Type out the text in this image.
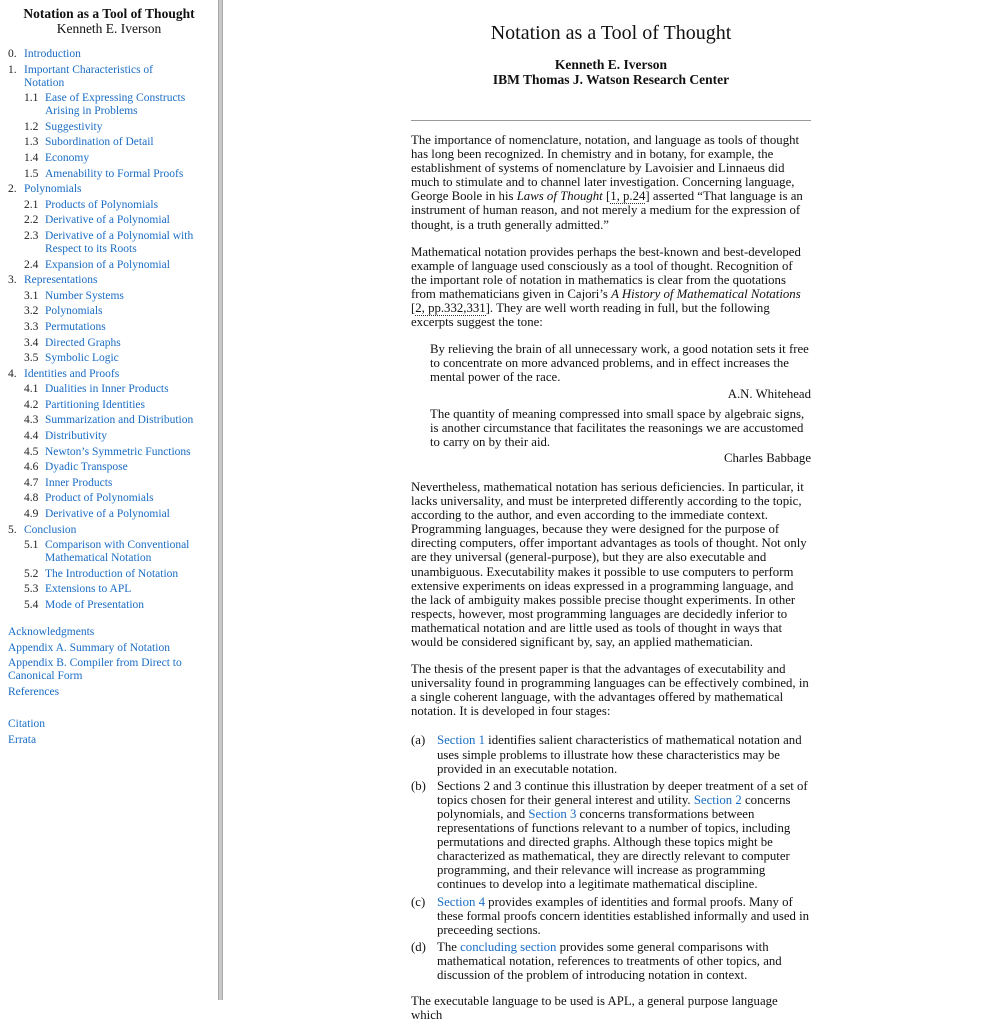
Notation as a Tool of Thought
Kenneth E. Iverson
0. Introduction
1. Important Characteristics of Notation
1.1 Ease of Expressing Constructs Arising in Problems
1.2 Suggestivity
1.3 Subordination of Detail
1.4 Economy
1.5 Amenability to Formal Proofs
2. Polynomials
2.1 Products of Polynomials
2.2 Derivative of a Polynomial
2.3 Derivative of a Polynomial with Respect to its Roots
2.4 Expansion of a Polynomial
3. Representations
3.1 Number Systems
3.2 Polynomials
3.3 Permutations
3.4 Directed Graphs
3.5 Symbolic Logic
4. Identities and Proofs
4.1 Dualities in Inner Products
4.2 Partitioning Identities
4.3 Summarization and Distribution
4.4 Distributivity
4.5 Newton’s Symmetric Functions
4.6 Dyadic Transpose
4.7 Inner Products
4.8 Product of Polynomials
4.9 Derivative of a Polynomial
5. Conclusion
5.1 Comparison with Conventional Mathematical Notation
5.2 The Introduction of Notation
5.3 Extensions to APL
5.4 Mode of Presentation
Acknowledgments
Appendix A. Summary of Notation
Appendix B. Compiler from Direct to Canonical Form
References
Citation
Errata
Notation as a Tool of Thought
Kenneth E. Iverson
IBM Thomas J. Watson Research Center

The importance of nomenclature, notation, and language as tools of thought has long been recognized. In chemistry and in botany, for example, the establishment of systems of nomenclature by Lavoisier and Linnaeus did much to stimulate and to channel later investigation. Concerning language, George Boole in his Laws of Thought [1, p.24] asserted “That language is an instrument of human reason, and not merely a medium for the expression of thought, is a truth generally admitted.”

Mathematical notation provides perhaps the best-known and best-developed example of language used consciously as a tool of thought. Recognition of the important role of notation in mathematics is clear from the quotations from mathematicians given in Cajori’s A History of Mathematical Notations [2, pp.332,331]. They are well worth reading in full, but the following excerpts suggest the tone:

By relieving the brain of all unnecessary work, a good notation sets it free to concentrate on more advanced problems, and in effect increases the mental power of the race.

A.N. Whitehead

The quantity of meaning compressed into small space by algebraic signs, is another circumstance that facilitates the reasonings we are accustomed to carry on by their aid.

Charles Babbage

Nevertheless, mathematical notation has serious deficiencies. In particular, it lacks universality, and must be interpreted differently according to the topic, according to the author, and even according to the immediate context. Programming languages, because they were designed for the purpose of directing computers, offer important advantages as tools of thought. Not only are they universal (general-purpose), but they are also executable and unambiguous. Executability makes it possible to use computers to perform extensive experiments on ideas expressed in a programming language, and the lack of ambiguity makes possible precise thought experiments. In other respects, however, most programming languages are decidedly inferior to mathematical notation and are little used as tools of thought in ways that would be considered significant by, say, an applied mathematician.

The thesis of the present paper is that the advantages of executability and universality found in programming languages can be effectively combined, in a single coherent language, with the advantages offered by mathematical notation. It is developed in four stages:

(a) Section 1 identifies salient characteristics of mathematical notation and uses simple problems to illustrate how these characteristics may be provided in an executable notation.
(b) Sections 2 and 3 continue this illustration by deeper treatment of a set of topics chosen for their general interest and utility. Section 2 concerns polynomials, and Section 3 concerns transformations between representations of functions relevant to a number of topics, including permutations and directed graphs. Although these topics might be characterized as mathematical, they are directly relevant to computer programming, and their relevance will increase as programming continues to develop into a legitimate mathematical discipline.
(c) Section 4 provides examples of identities and formal proofs. Many of these formal proofs concern identities established informally and used in preceeding sections.
(d) The concluding section provides some general comparisons with mathematical notation, references to treatments of other topics, and discussion of the problem of introducing notation in context.

The executable language to be used is APL, a general purpose language which
